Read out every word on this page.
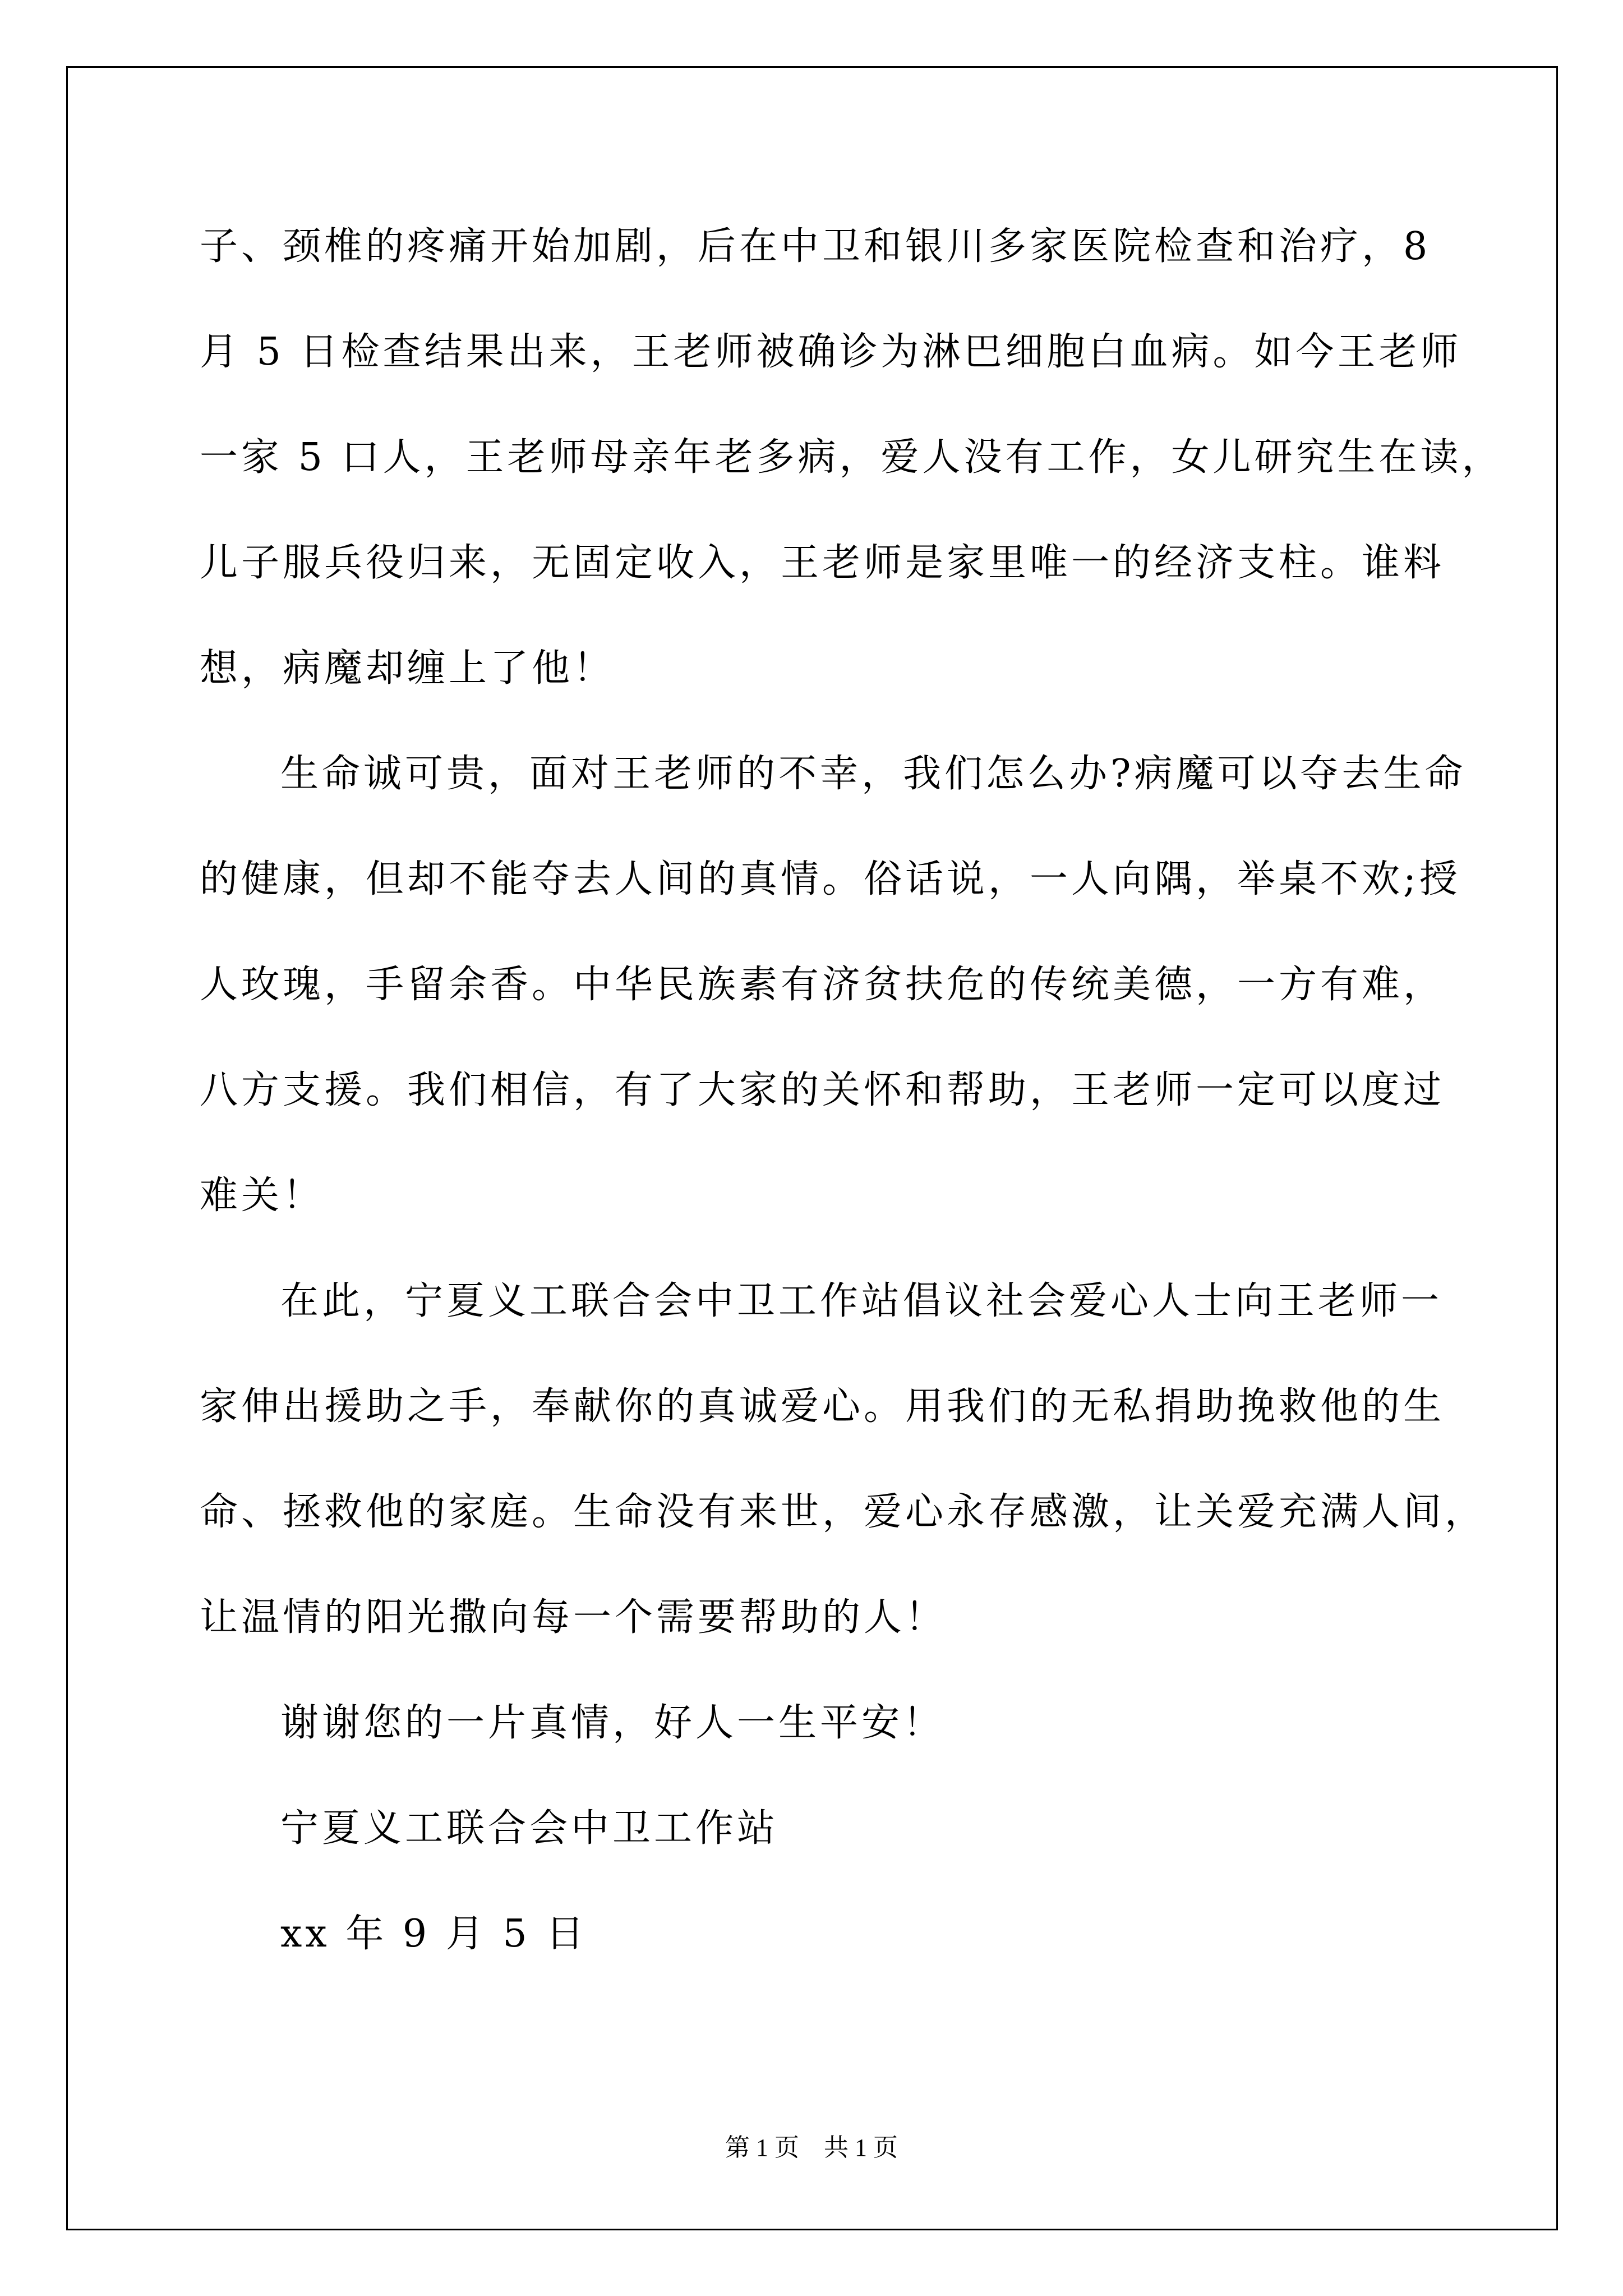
子、颈椎的疼痛开始加剧，后在中卫和银川多家医院检查和治疗，8
月 5 日检查结果出来，王老师被确诊为淋巴细胞白血病。如今王老师
一家 5 口人，王老师母亲年老多病，爱人没有工作，女儿研究生在读，
儿子服兵役归来，无固定收入，王老师是家里唯一的经济支柱。谁料
想，病魔却缠上了他！
生命诚可贵，面对王老师的不幸，我们怎么办?病魔可以夺去生命
的健康，但却不能夺去人间的真情。俗话说，一人向隅，举桌不欢;授
人玫瑰，手留余香。中华民族素有济贫扶危的传统美德，一方有难，
八方支援。我们相信，有了大家的关怀和帮助，王老师一定可以度过
难关！
在此，宁夏义工联合会中卫工作站倡议社会爱心人士向王老师一
家伸出援助之手，奉献你的真诚爱心。用我们的无私捐助挽救他的生
命、拯救他的家庭。生命没有来世，爱心永存感激，让关爱充满人间，
让温情的阳光撒向每一个需要帮助的人！
谢谢您的一片真情，好人一生平安！
宁夏义工联合会中卫工作站
xx 年 9 月 5 日
第 1 页    共 1 页
